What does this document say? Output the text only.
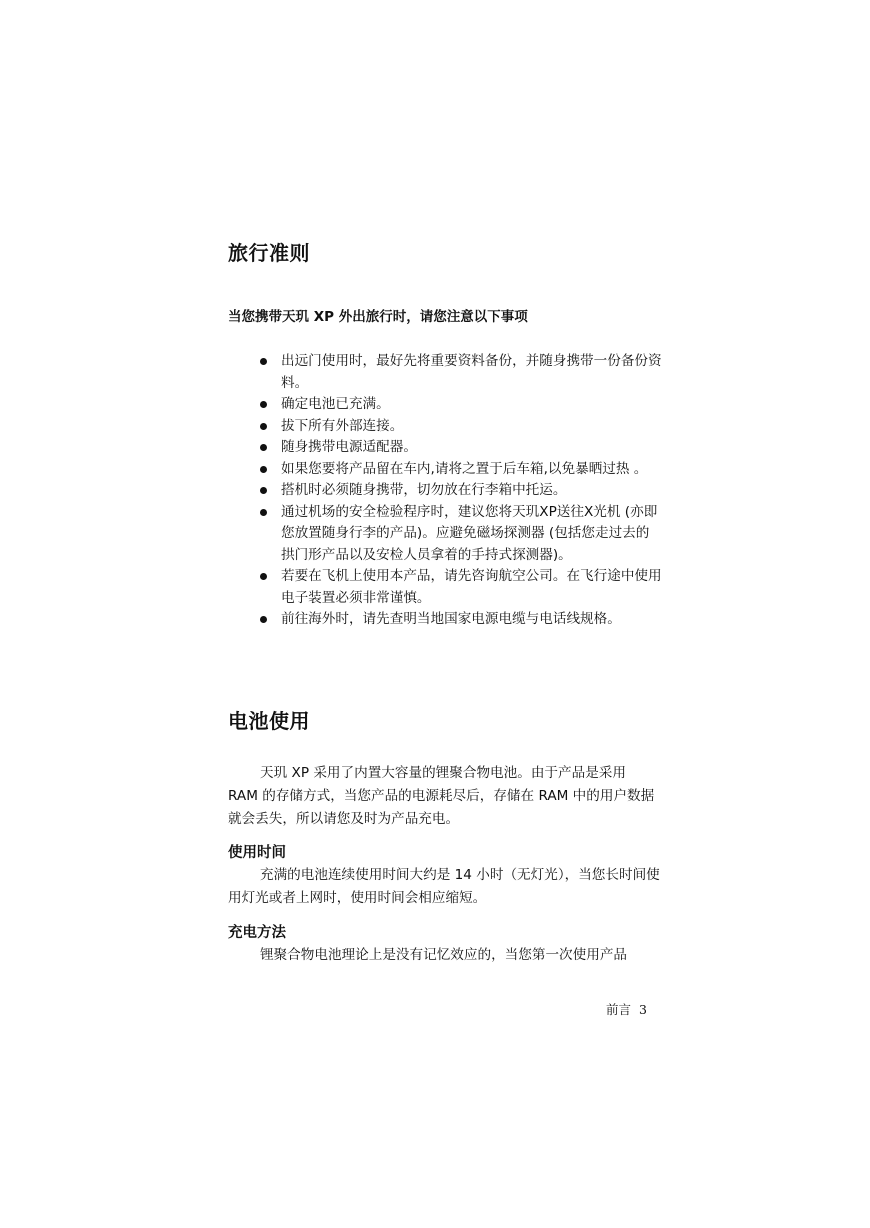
旅行准则
当您携带天玑 XP 外出旅行时，请您注意以下事项
出远门使用时，最好先将重要资料备份，并随身携带一份备份资料。
确定电池已充满。
拔下所有外部连接。
随身携带电源适配器。
如果您要将产品留在车内,请将之置于后车箱,以免暴晒过热 。
搭机时必须随身携带，切勿放在行李箱中托运。
通过机场的安全检验程序时，建议您将天玑XP送往X光机 (亦即您放置随身行李的产品)。应避免磁场探测器 (包括您走过去的拱门形产品以及安检人员拿着的手持式探测器)。
若要在飞机上使用本产品，请先咨询航空公司。在飞行途中使用电子装置必须非常谨慎。
前往海外时，请先查明当地国家电源电缆与电话线规格。
电池使用

天玑 XP 采用了内置大容量的锂聚合物电池。由于产品是采用 RAM 的存储方式，当您产品的电源耗尽后，存储在 RAM 中的用户数据就会丢失，所以请您及时为产品充电。

使用时间

充满的电池连续使用时间大约是 14 小时（无灯光），当您长时间使用灯光或者上网时，使用时间会相应缩短。

充电方法

锂聚合物电池理论上是没有记忆效应的，当您第一次使用产品

前言 3
